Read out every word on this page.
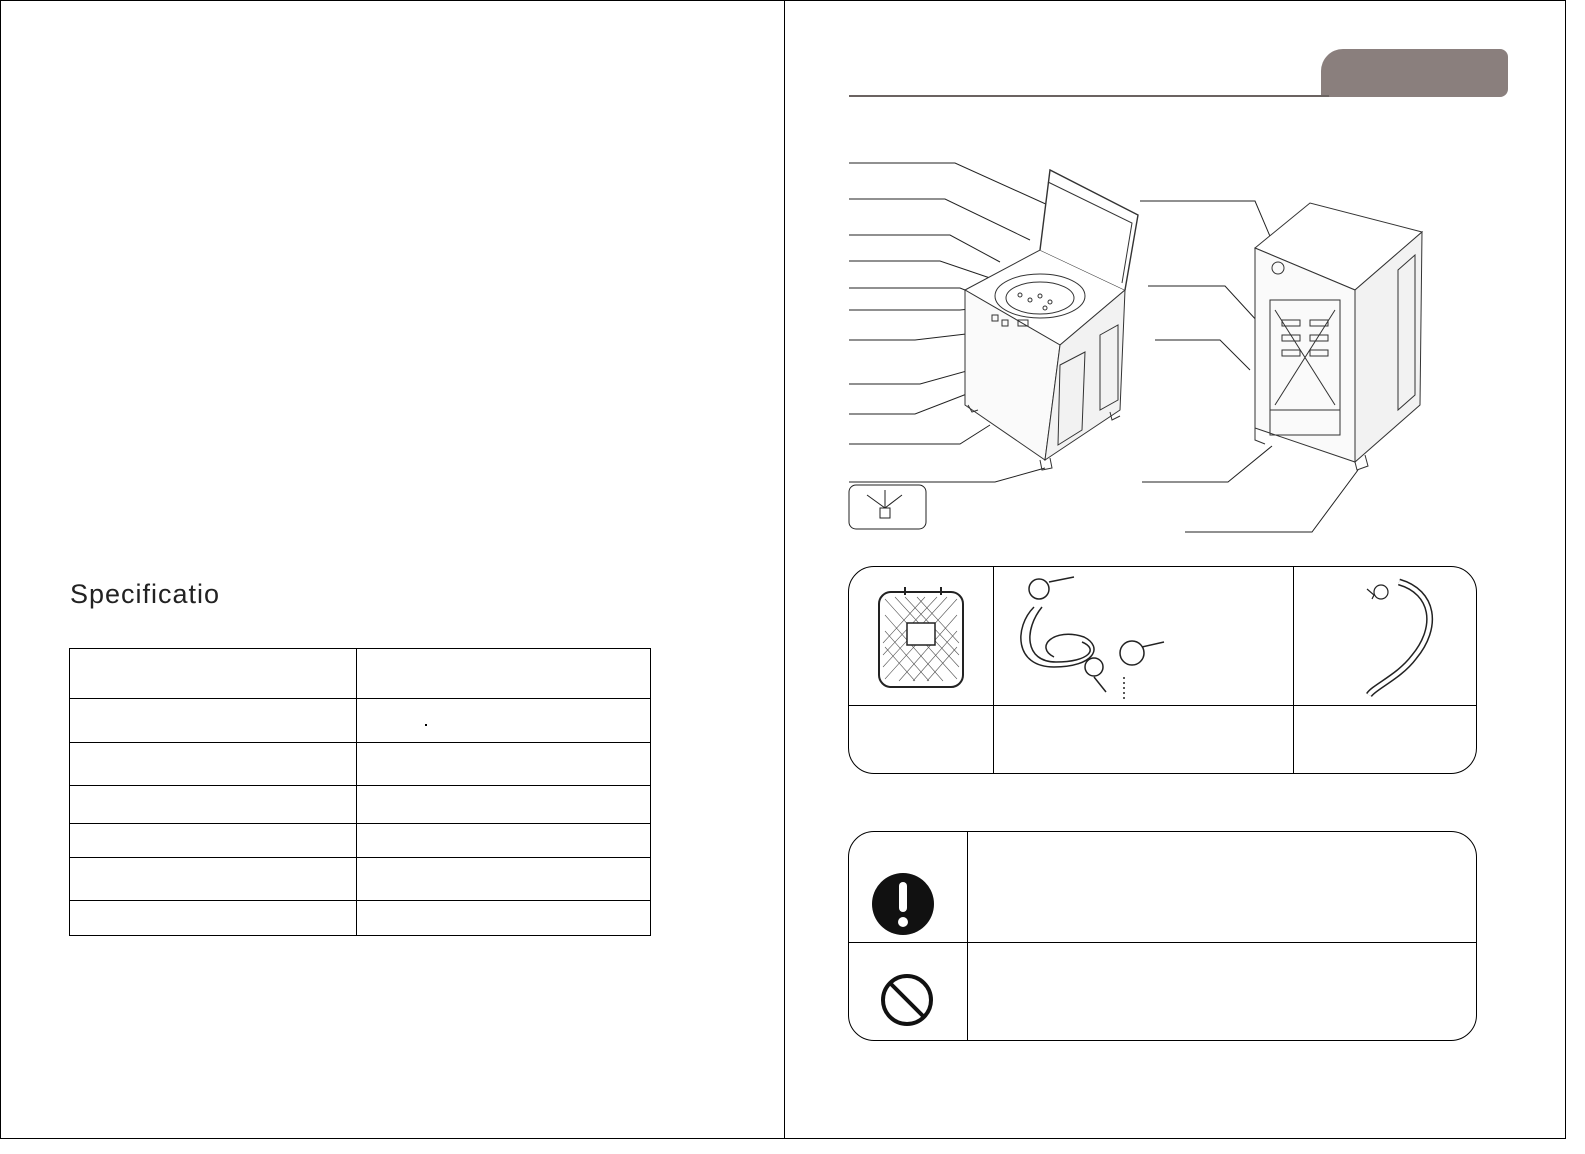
Specificatio
